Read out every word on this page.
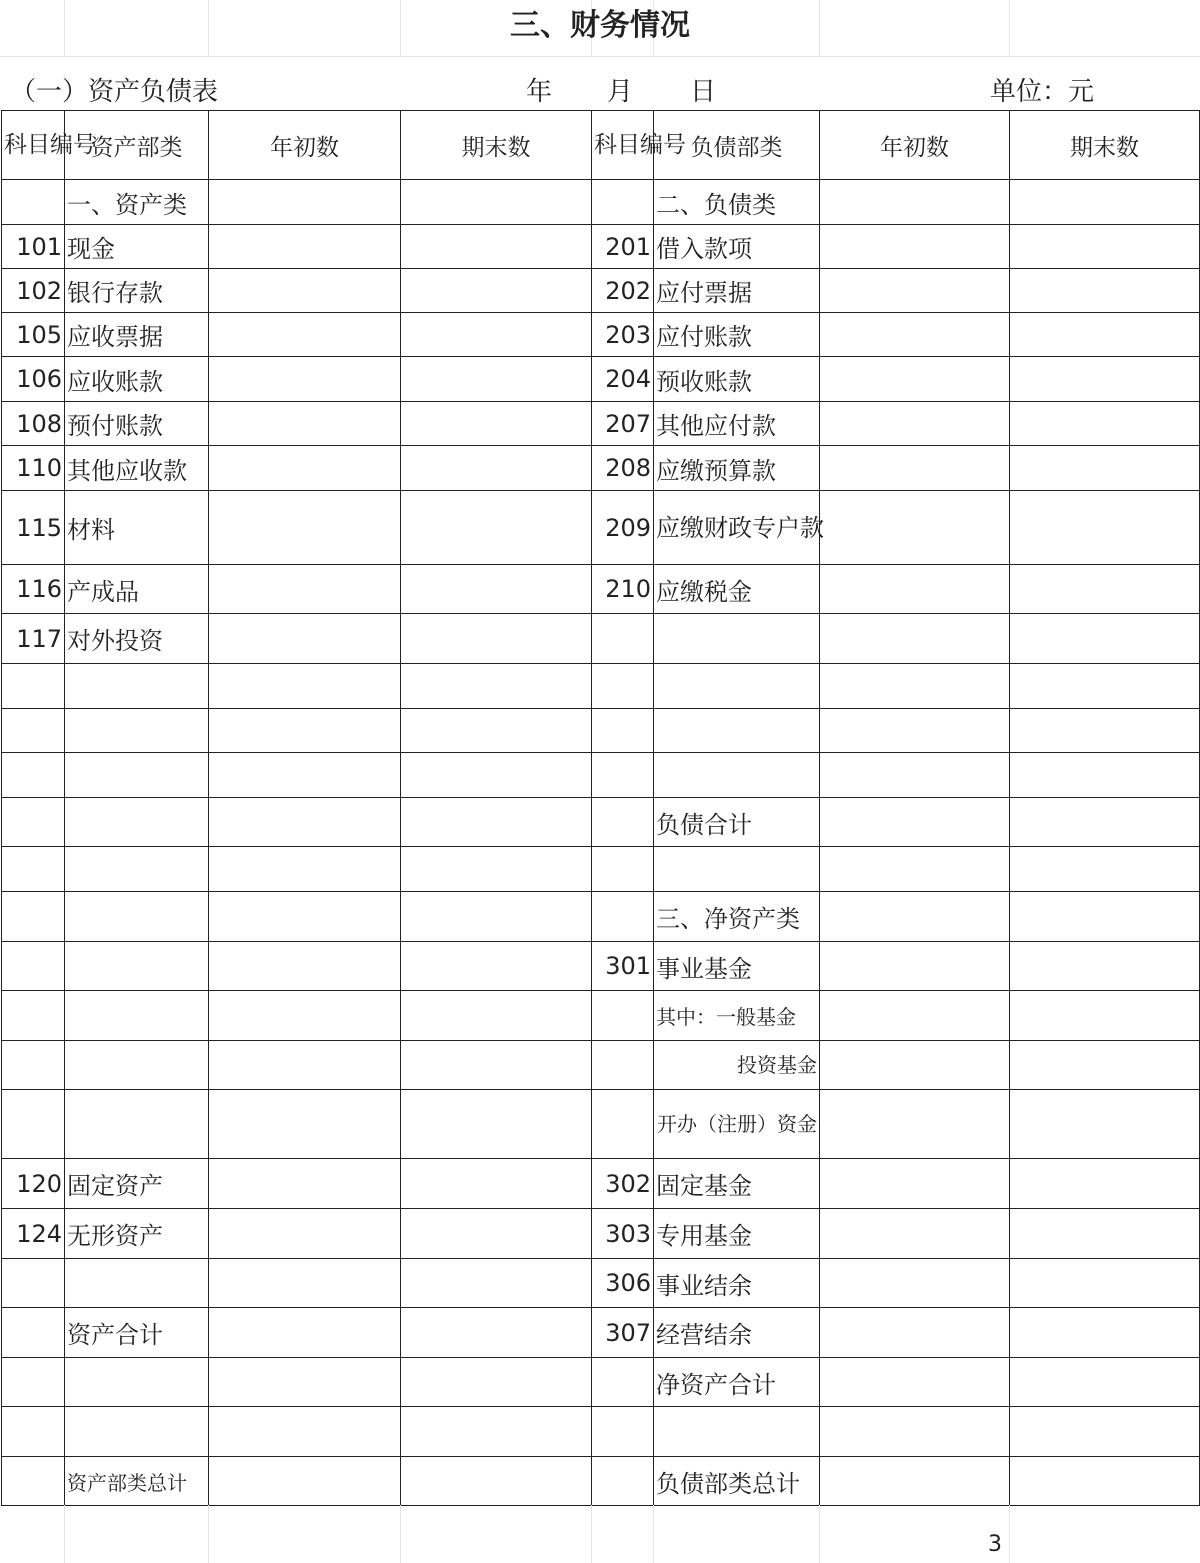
三、财务情况
（一）资产负债表	年 月 日	单位：元
科目编号	资产部类	年初数	期末数	科目编号	负债部类	年初数	期末数
	一、资产类				二、负债类		
101	现金			201	借入款项		
102	银行存款			202	应付票据		
105	应收票据			203	应付账款		
106	应收账款			204	预收账款		
108	预付账款			207	其他应付款		
110	其他应收款			208	应缴预算款		
115	材料			209	应缴财政专户款		
116	产成品			210	应缴税金		
117	对外投资						

					负债合计		

					三、净资产类		
				301	事业基金		
					其中：一般基金		
					投资基金		
					开办（注册）资金		
120	固定资产			302	固定基金		
124	无形资产			303	专用基金		
				306	事业结余		
	资产合计			307	经营结余		
					净资产合计		

	资产部类总计				负债部类总计		
3
